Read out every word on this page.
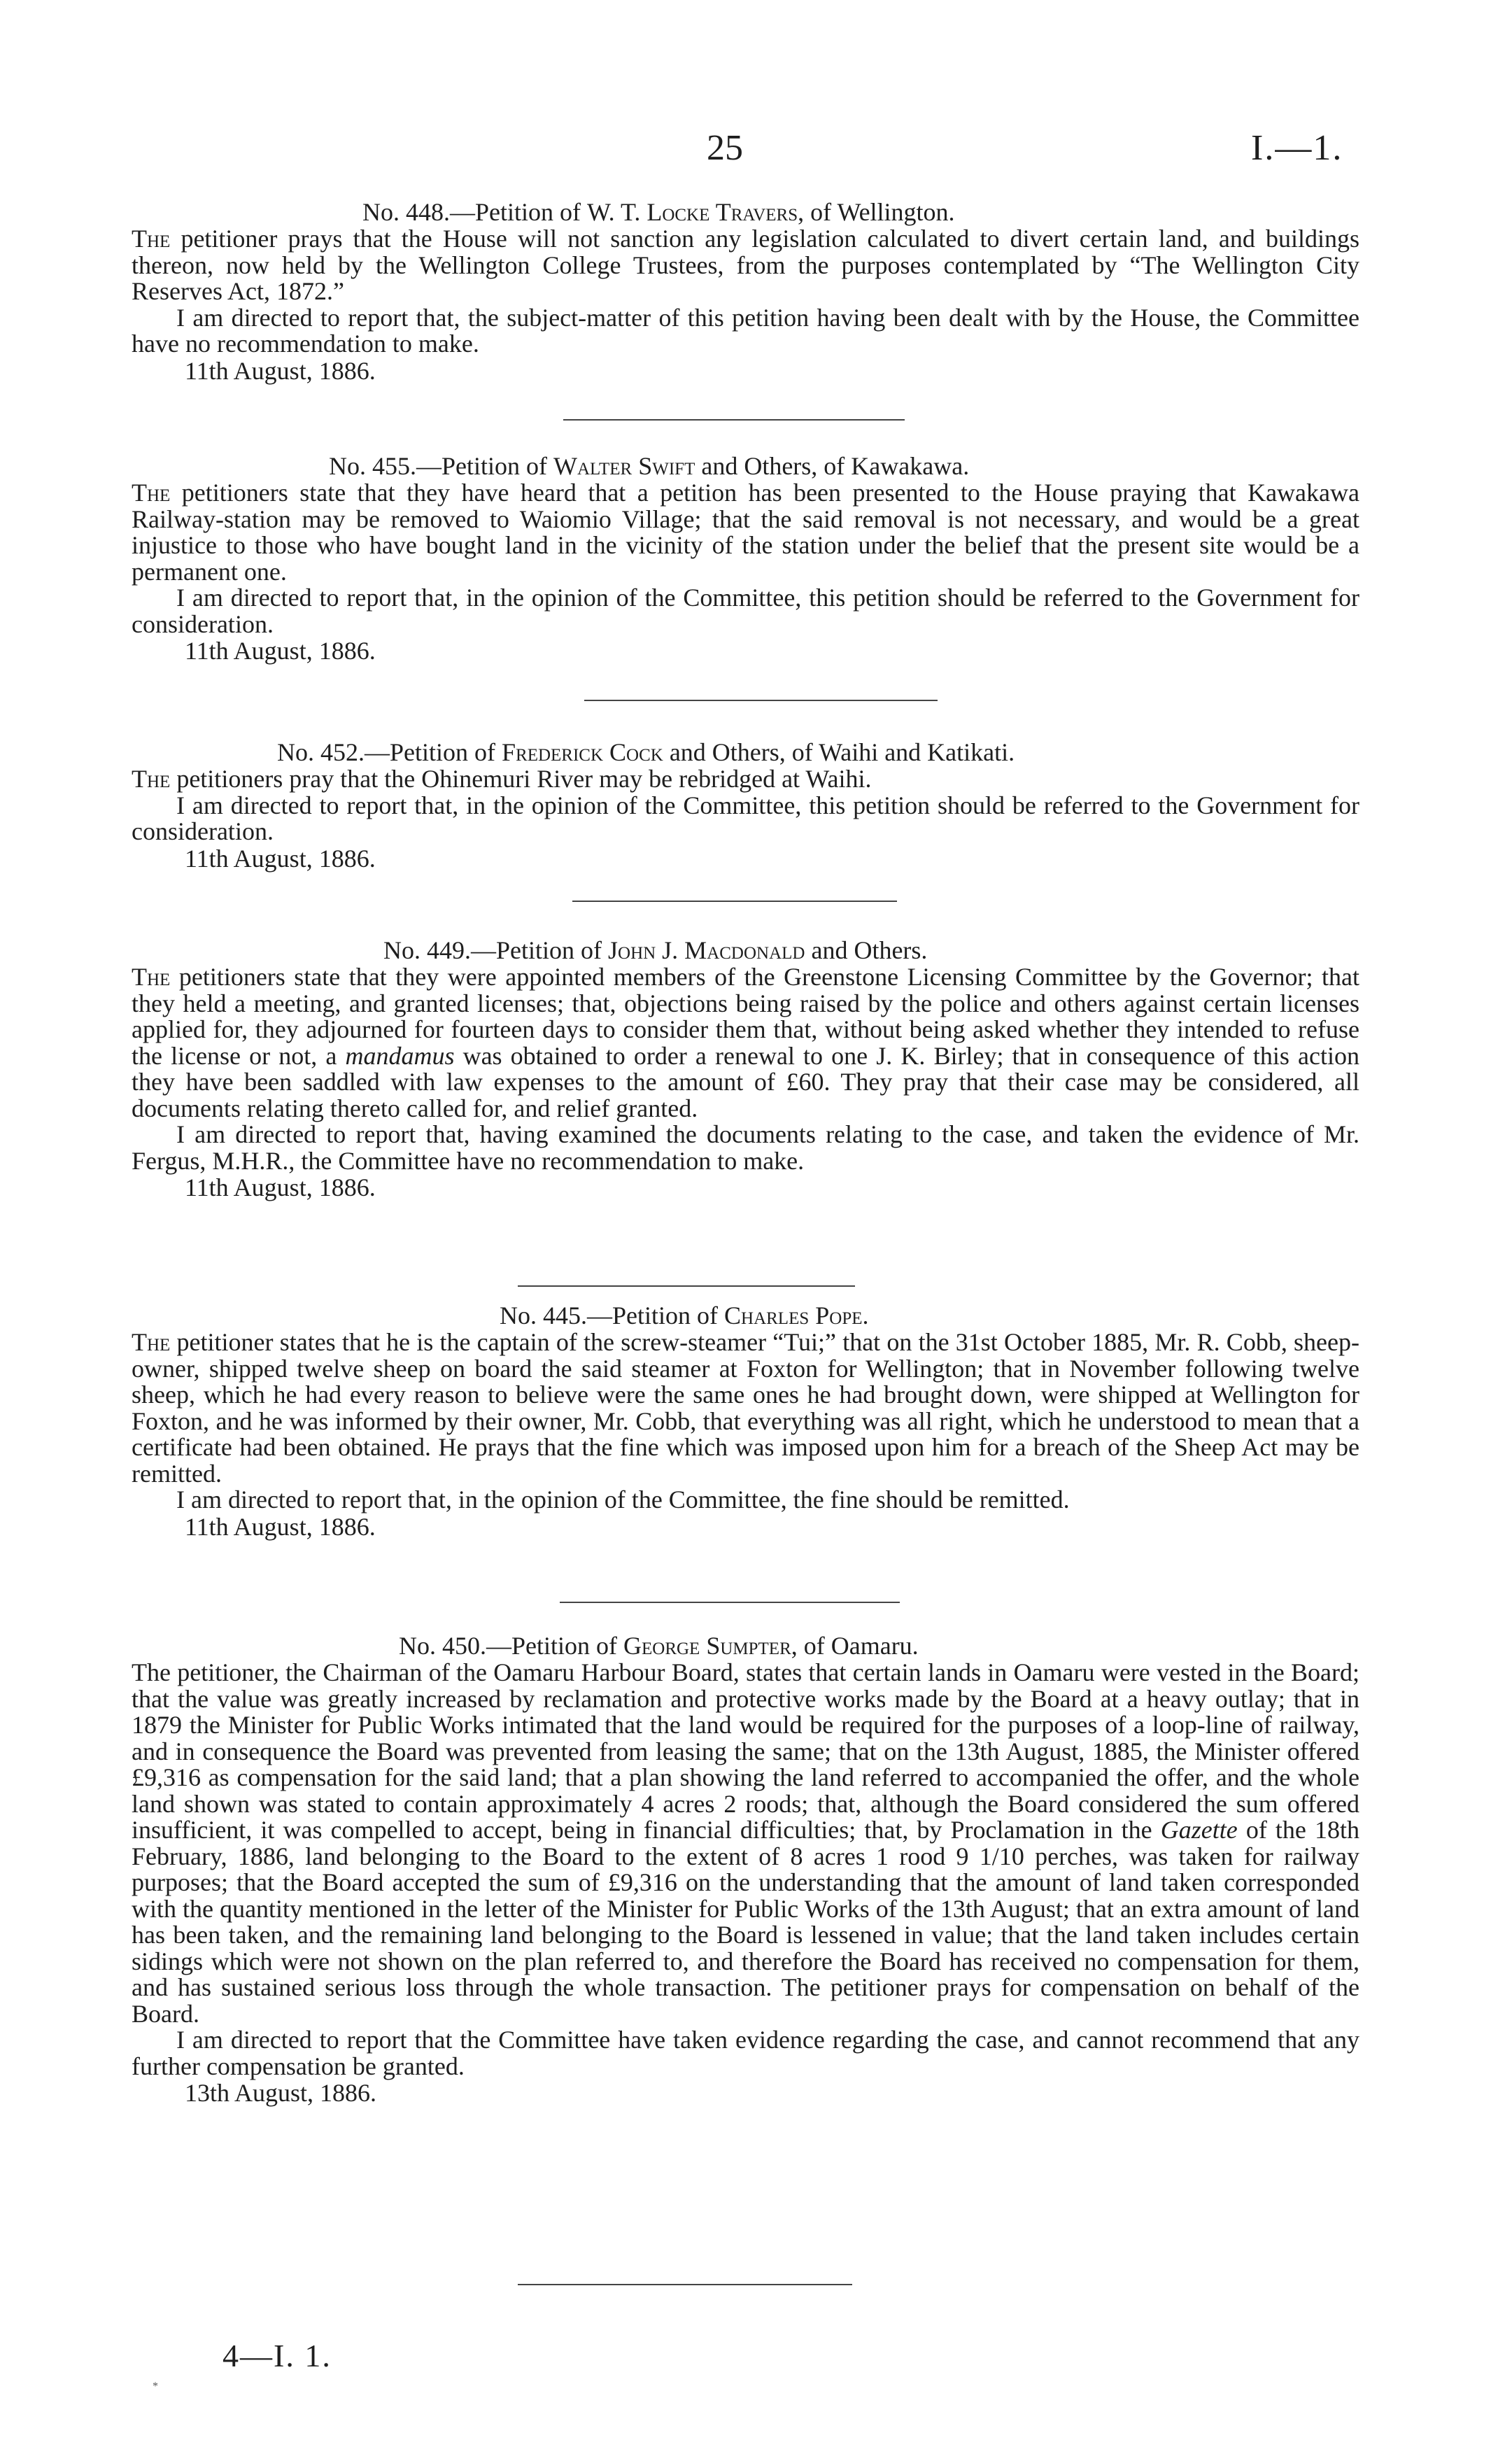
25	I.—1.
No. 448.—Petition of W. T. Locke Travers, of Wellington.
The petitioner prays that the House will not sanction any legislation calculated to divert certain land, and buildings thereon, now held by the Wellington College Trustees, from the purposes contemplated by “The Wellington City Reserves Act, 1872.”
I am directed to report that, the subject-matter of this petition having been dealt with by the House, the Committee have no recommendation to make.
11th August, 1886.
No. 455.—Petition of Walter Swift and Others, of Kawakawa.
The petitioners state that they have heard that a petition has been presented to the House praying that Kawakawa Railway-station may be removed to Waiomio Village; that the said removal is not necessary, and would be a great injustice to those who have bought land in the vicinity of the station under the belief that the present site would be a permanent one.
I am directed to report that, in the opinion of the Committee, this petition should be referred to the Government for consideration.
11th August, 1886.
No. 452.—Petition of Frederick Cock and Others, of Waihi and Katikati.
The petitioners pray that the Ohinemuri River may be rebridged at Waihi.
I am directed to report that, in the opinion of the Committee, this petition should be referred to the Government for consideration.
11th August, 1886.
No. 449.—Petition of John J. Macdonald and Others.
The petitioners state that they were appointed members of the Greenstone Licensing Committee by the Governor; that they held a meeting, and granted licenses; that, objections being raised by the police and others against certain licenses applied for, they adjourned for fourteen days to consider them that, without being asked whether they intended to refuse the license or not, a mandamus was obtained to order a renewal to one J. K. Birley; that in consequence of this action they have been saddled with law expenses to the amount of £60. They pray that their case may be considered, all documents relating thereto called for, and relief granted.
I am directed to report that, having examined the documents relating to the case, and taken the evidence of Mr. Fergus, M.H.R., the Committee have no recommendation to make.
11th August, 1886.
No. 445.—Petition of Charles Pope.
The petitioner states that he is the captain of the screw-steamer “Tui;” that on the 31st October 1885, Mr. R. Cobb, sheep-owner, shipped twelve sheep on board the said steamer at Foxton for Wellington; that in November following twelve sheep, which he had every reason to believe were the same ones he had brought down, were shipped at Wellington for Foxton, and he was informed by their owner, Mr. Cobb, that everything was all right, which he understood to mean that a certificate had been obtained. He prays that the fine which was imposed upon him for a breach of the Sheep Act may be remitted.
I am directed to report that, in the opinion of the Committee, the fine should be remitted.
11th August, 1886.
No. 450.—Petition of George Sumpter, of Oamaru.
The petitioner, the Chairman of the Oamaru Harbour Board, states that certain lands in Oamaru were vested in the Board; that the value was greatly increased by reclamation and protective works made by the Board at a heavy outlay; that in 1879 the Minister for Public Works intimated that the land would be required for the purposes of a loop-line of railway, and in consequence the Board was prevented from leasing the same; that on the 13th August, 1885, the Minister offered £9,316 as compensation for the said land; that a plan showing the land referred to accompanied the offer, and the whole land shown was stated to contain approximately 4 acres 2 roods; that, although the Board considered the sum offered insufficient, it was compelled to accept, being in financial difficulties; that, by Proclamation in the Gazette of the 18th February, 1886, land belonging to the Board to the extent of 8 acres 1 rood 9 1/10 perches, was taken for railway purposes; that the Board accepted the sum of £9,316 on the understanding that the amount of land taken corresponded with the quantity mentioned in the letter of the Minister for Public Works of the 13th August; that an extra amount of land has been taken, and the remaining land belonging to the Board is lessened in value; that the land taken includes certain sidings which were not shown on the plan referred to, and therefore the Board has received no compensation for them, and has sustained serious loss through the whole transaction. The petitioner prays for compensation on behalf of the Board.
I am directed to report that the Committee have taken evidence regarding the case, and cannot recommend that any further compensation be granted.
13th August, 1886.
4—I. 1.
*
